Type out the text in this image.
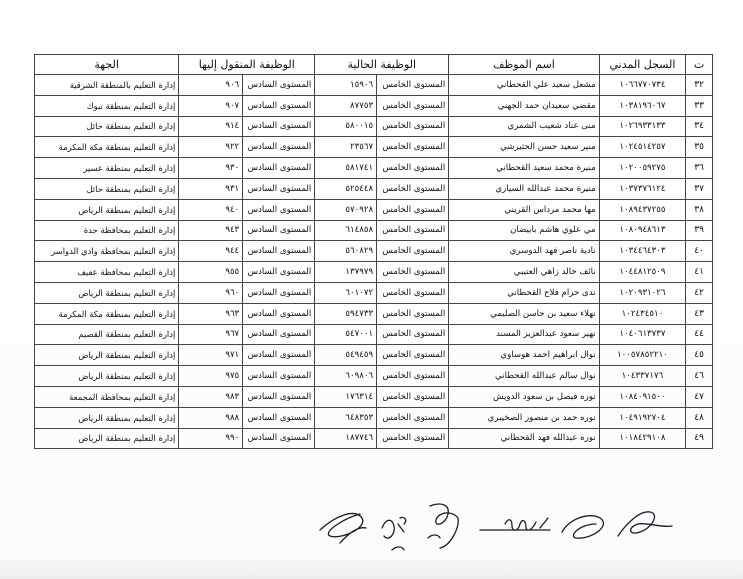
ت	السجل المدني	اسم الموظف	الوظيفة الحالية		الوظيفة المنقول إليها		الجهة
٣٢	١٠٦٦٧٧٠٧٣٤	مشعل سعيد علي القحطاني	المستوى الخامس	١٥٩٠٦	المستوى السادس	٩٠٦	إدارة التعليم بالمنطقة الشرقية
٣٣	١٠٣٨١٩٦٠٦٧	مقضي سعيدان حمد الجهني	المستوى الخامس	٨٧٧٥٣	المستوى السادس	٩٠٧	إدارة التعليم بمنطقة تبوك
٣٤	١٠٢٦٩٣٣١٣٣	منى عناد شعيب الشمري	المستوى الخامس	٥٨٠٠١٥	المستوى السادس	٩١٤	إدارة التعليم بمنطقة حائل
٣٥	١٠٢٤٥١٤٢٥٧	منير سعيد حسن الحثيرشي	المستوى الخامس	٢٣٥٦٧	المستوى السادس	٩٢٢	إدارة التعليم بمنطقة مكة المكرمة
٣٦	١٠٢٠٠٥٩٢٧٥	منيرة محمد سعيد القحطاني	المستوى الخامس	٥٨١٧٤١	المستوى السادس	٩٣٠	إدارة التعليم بمنطقة عسير
٣٧	١٠٣٧٣٧٦١٢٤	منيرة محمد عبدالله السياري	المستوى الخامس	٥٢٥٤٤٨	المستوى السادس	٩٣١	إدارة التعليم بمنطقة حائل
٣٨	١٠٨٩٤٣٧٢٥٥	مها محمد مرداس القريني	المستوى الخامس	٥٧٠٩٢٨	المستوى السادس	٩٤٠	إدارة التعليم بمنطقة الرياض
٣٩	١٠٨٠٩٤٨٦١٣	مي علوي هاشم بابيضان	المستوى الخامس	٦١٤٨٥٨	المستوى السادس	٩٤٣	إدارة التعليم بمحافظة جدة
٤٠	١٠٣٤٤٦٤٣٠٣	نادية ناصر فهد الدوسري	المستوى الخامس	٥٦٠٨٢٩	المستوى السادس	٩٤٤	إدارة التعليم بمحافظة وادي الدواسر
٤١	١٠٤٤٨١٢٥٠٩	نائف خالد زاهي العتيبي	المستوى الخامس	١٣٧٩٧٩	المستوى السادس	٩٥٥	إدارة التعليم بمحافظة عفيف
٤٢	١٠٢٠٩٣١٠٢٦	ندى حزام فلاح القحطاني	المستوى الخامس	٦٠١٠٧٢	المستوى السادس	٩٦٠	إدارة التعليم بمنطقة الرياض
٤٣	١٠٢٤٣٤٥١٠	نهلاء سعيد بن حاسن الصليمي	المستوى الخامس	٥٩٤٧٣٣	المستوى السادس	٩٦٣	إدارة التعليم بمنطقة مكة المكرمة
٤٤	١٠٤٠٦١٣٧٣٧	نهير سعود عبدالعزيز المسند	المستوى الخامس	٥٤٧٠٠١	المستوى السادس	٩٦٧	إدارة التعليم بمنطقة القصيم
٤٥	١٠٠٥٧٨٥٢٢١٠	نوال ابراهيم احمد هوساوي	المستوى الخامس	٥٤٩٤٥٩	المستوى السادس	٩٧١	إدارة التعليم بمنطقة الرياض
٤٦	١٠٤٣٣٧١٧٦	نوال سالم عبدالله القحطاني	المستوى الخامس	٦٠٩٨٠٦	المستوى السادس	٩٧٥	إدارة التعليم بمنطقة الرياض
٤٧	١٠٨٤٠٩١٥٠٠	نوره فيصل بن سعود الدويش	المستوى الخامس	١٧٦٣١٤	المستوى السادس	٩٨٣	إدارة التعليم بمحافظة المجمعة
٤٨	١٠٤٩١٩٢٧٠٤	نوره حمد بن منصور الصخيبري	المستوى الخامس	٦٤٨٣٥٣	المستوى السادس	٩٨٨	إدارة التعليم بمنطقة الرياض
٤٩	١٠١٨٤٢٩١٠٨	نوره عبدالله فهد القحطاني	المستوى الخامس	١٨٧٧٤٦	المستوى السادس	٩٩٠	إدارة التعليم بمنطقة الرياض
